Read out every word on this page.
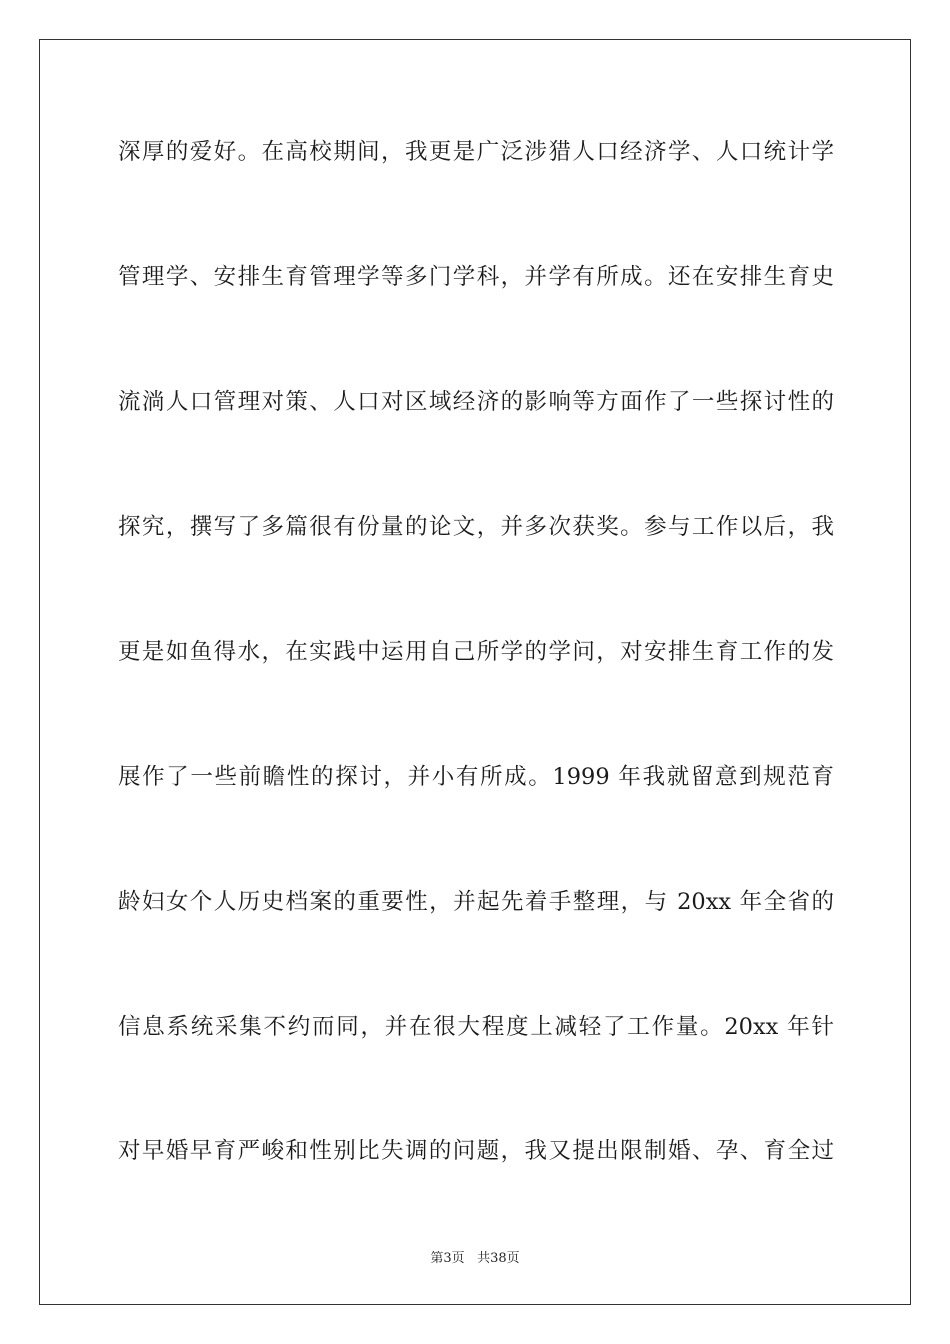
深厚的爱好。在高校期间，我更是广泛涉猎人口经济学、人口统计学
管理学、安排生育管理学等多门学科，并学有所成。还在安排生育史
流淌人口管理对策、人口对区域经济的影响等方面作了一些探讨性的
探究，撰写了多篇很有份量的论文，并多次获奖。参与工作以后，我
更是如鱼得水，在实践中运用自己所学的学问，对安排生育工作的发
展作了一些前瞻性的探讨，并小有所成。1999 年我就留意到规范育
龄妇女个人历史档案的重要性，并起先着手整理，与 20xx 年全省的
信息系统采集不约而同，并在很大程度上减轻了工作量。20xx 年针
对早婚早育严峻和性别比失调的问题，我又提出限制婚、孕、育全过
第3页 共38页
